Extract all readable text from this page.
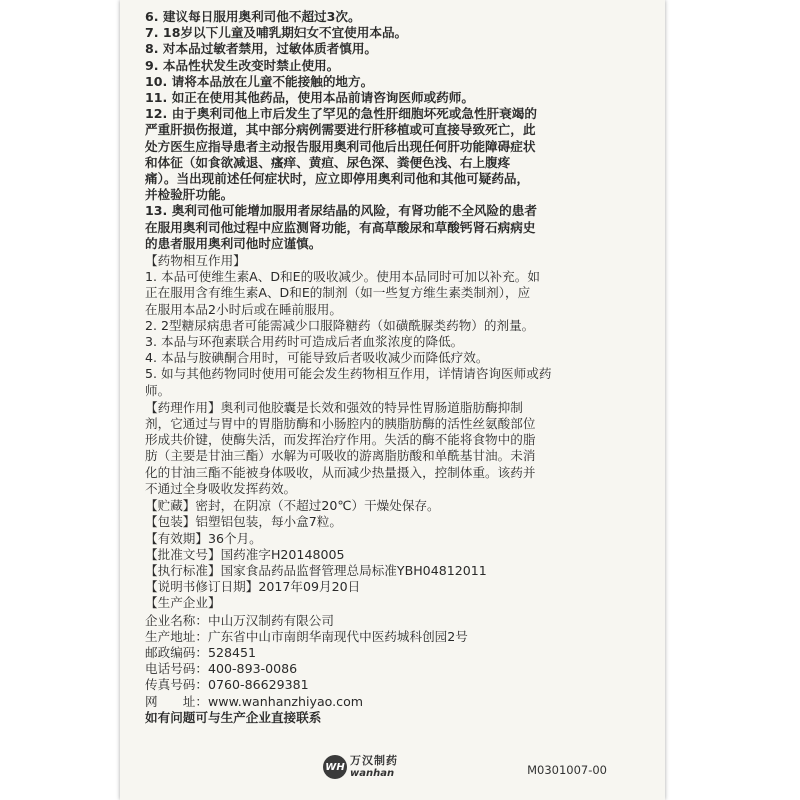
6. 建议每日服用奥利司他不超过3次。
7. 18岁以下儿童及哺乳期妇女不宜使用本品。
8. 对本品过敏者禁用，过敏体质者慎用。
9. 本品性状发生改变时禁止使用。
10. 请将本品放在儿童不能接触的地方。
11. 如正在使用其他药品，使用本品前请咨询医师或药师。
12. 由于奥利司他上市后发生了罕见的急性肝细胞坏死或急性肝衰竭的
严重肝损伤报道，其中部分病例需要进行肝移植或可直接导致死亡，此
处方医生应指导患者主动报告服用奥利司他后出现任何肝功能障碍症状
和体征（如食欲减退、瘙痒、黄疸、尿色深、粪便色浅、右上腹疼
痛）。当出现前述任何症状时，应立即停用奥利司他和其他可疑药品，
并检验肝功能。
13. 奥利司他可能增加服用者尿结晶的风险，有肾功能不全风险的患者
在服用奥利司他过程中应监测肾功能，有高草酸尿和草酸钙肾石病病史
的患者服用奥利司他时应谨慎。
【药物相互作用】
1. 本品可使维生素A、D和E的吸收减少。使用本品同时可加以补充。如
正在服用含有维生素A、D和E的制剂（如一些复方维生素类制剂），应
在服用本品2小时后或在睡前服用。
2. 2型糖尿病患者可能需减少口服降糖药（如磺酰脲类药物）的剂量。
3. 本品与环孢素联合用药时可造成后者血浆浓度的降低。
4. 本品与胺碘酮合用时，可能导致后者吸收减少而降低疗效。
5. 如与其他药物同时使用可能会发生药物相互作用，详情请咨询医师或药
师。
【药理作用】奥利司他胶囊是长效和强效的特异性胃肠道脂肪酶抑制
剂，它通过与胃中的胃脂肪酶和小肠腔内的胰脂肪酶的活性丝氨酸部位
形成共价键，使酶失活，而发挥治疗作用。失活的酶不能将食物中的脂
肪（主要是甘油三酯）水解为可吸收的游离脂肪酸和单酰基甘油。未消
化的甘油三酯不能被身体吸收，从而减少热量摄入，控制体重。该药并
不通过全身吸收发挥药效。
【贮藏】密封，在阴凉（不超过20℃）干燥处保存。
【包装】铝塑铝包装，每小盒7粒。
【有效期】36个月。
【批准文号】国药准字H20148005
【执行标准】国家食品药品监督管理总局标准YBH04812011
【说明书修订日期】2017年09月20日
【生产企业】
企业名称：中山万汉制药有限公司
生产地址：广东省中山市南朗华南现代中医药城科创园2号
邮政编码：528451
电话号码：400-893-0086
传真号码：0760-86629381
网　　址：www.wanhanzhiyao.com
如有问题可与生产企业直接联系
WH 万汉制药
wanhan	M0301007-00
